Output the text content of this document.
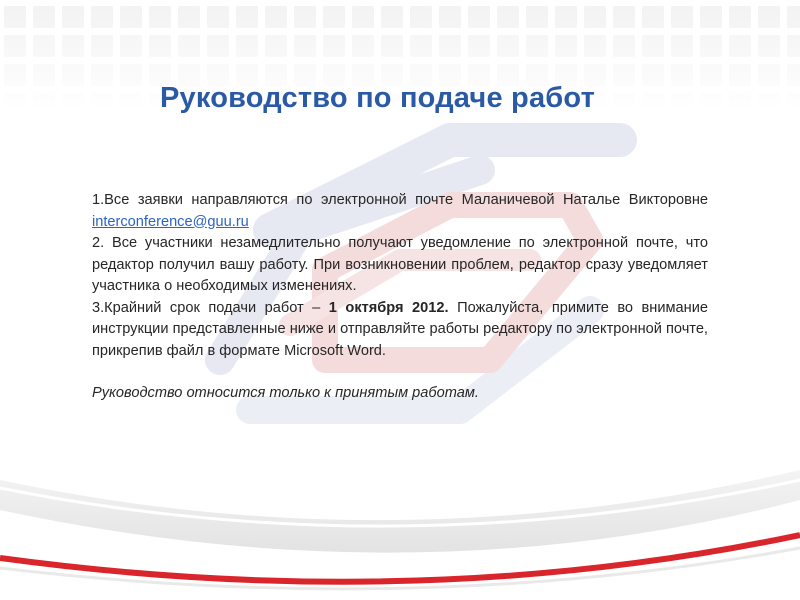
Руководство по подаче работ

1.Все заявки направляются по электронной почте Маланичевой Наталье Викторовне interconference@guu.ru

2. Все участники незамедлительно получают уведомление по электронной почте, что редактор получил вашу работу. При возникновении проблем, редактор сразу уведомляет участника о необходимых изменениях.

3.Крайний срок подачи работ – 1 октября 2012. Пожалуйста, примите во внимание инструкции представленные ниже и отправляйте работы редактору по электронной почте, прикрепив файл в формате Microsoft Word.

Руководство относится только к принятым работам.
